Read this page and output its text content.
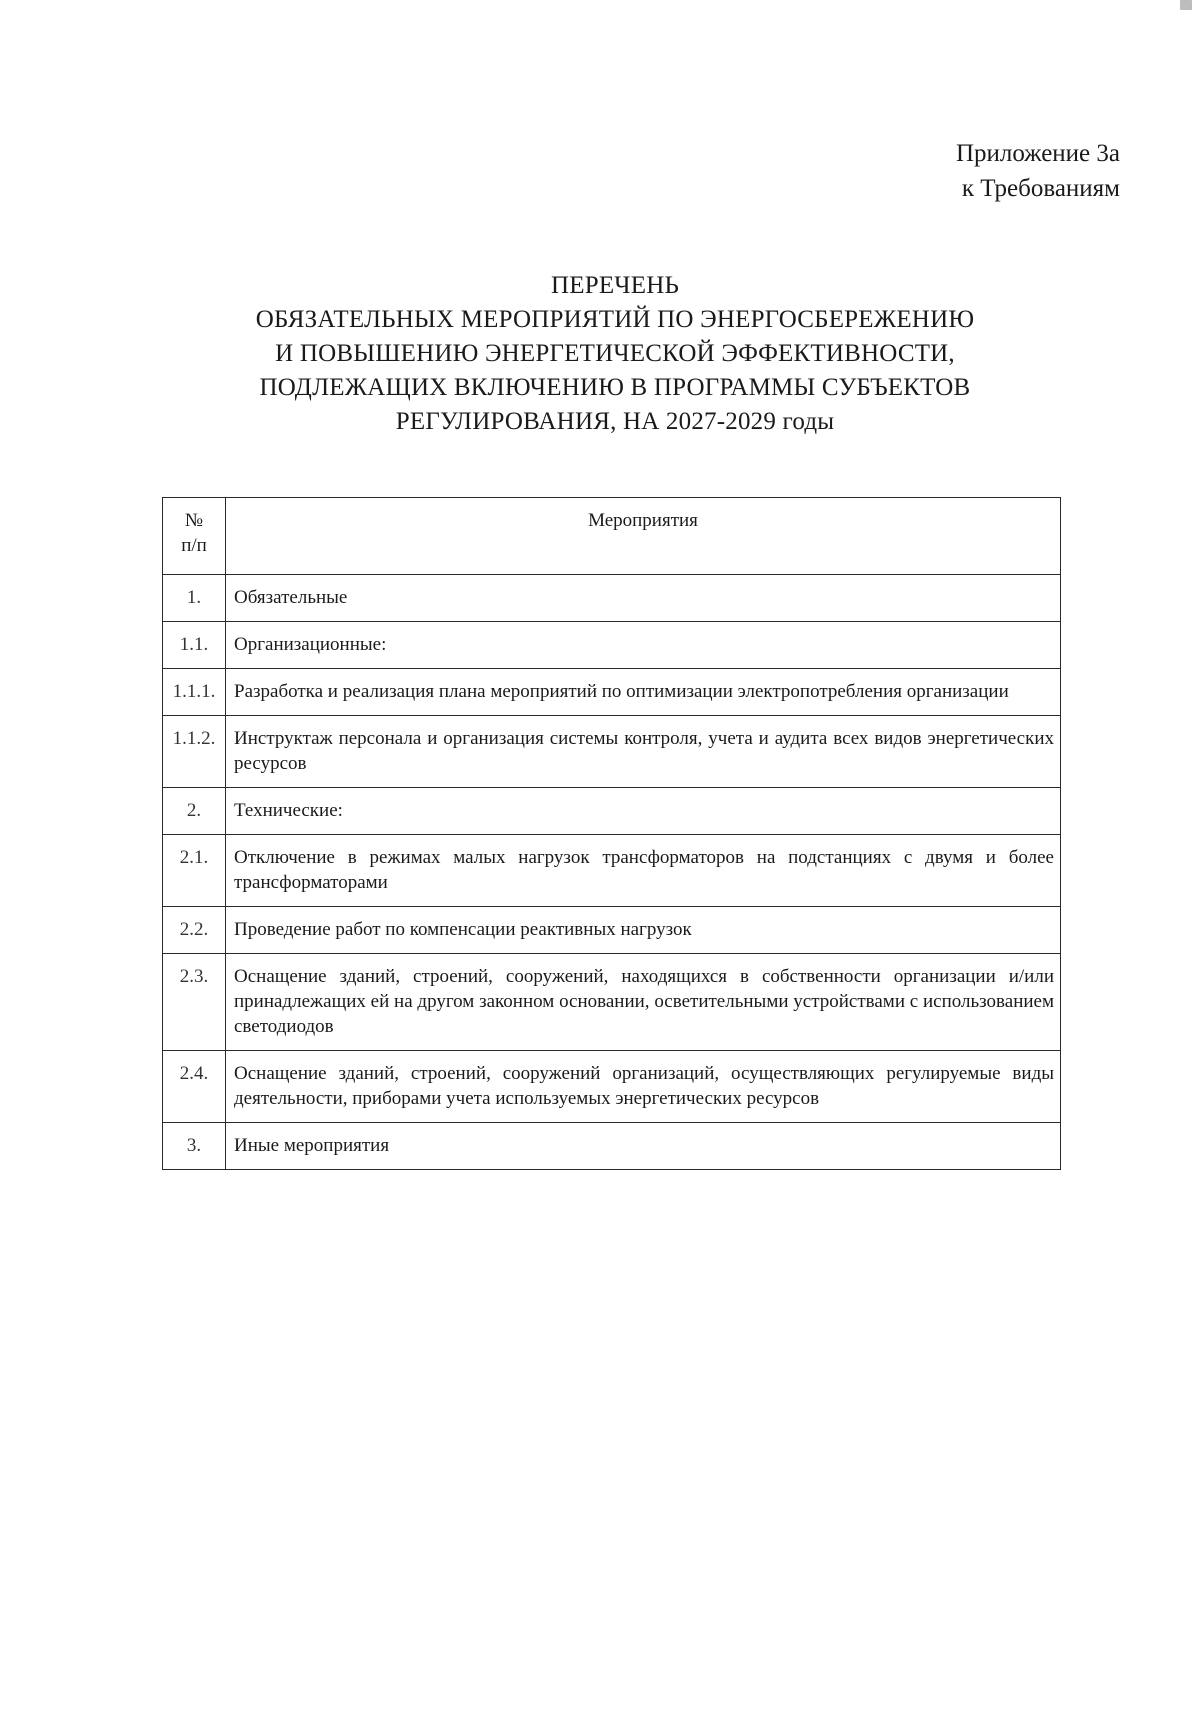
Приложение 3а
к Требованиям
ПЕРЕЧЕНЬ
ОБЯЗАТЕЛЬНЫХ МЕРОПРИЯТИЙ ПО ЭНЕРГОСБЕРЕЖЕНИЮ
И ПОВЫШЕНИЮ ЭНЕРГЕТИЧЕСКОЙ ЭФФЕКТИВНОСТИ,
ПОДЛЕЖАЩИХ ВКЛЮЧЕНИЮ В ПРОГРАММЫ СУБЪЕКТОВ
РЕГУЛИРОВАНИЯ, НА 2027-2029 годы
№
п/п	Мероприятия
1.	Обязательные
1.1.	Организационные:
1.1.1.	Разработка и реализация плана мероприятий по оптимизации электропотребления организации
1.1.2.	Инструктаж персонала и организация системы контроля, учета и аудита всех видов энергетических ресурсов
2.	Технические:
2.1.	Отключение в режимах малых нагрузок трансформаторов на подстанциях с двумя и более трансформаторами
2.2.	Проведение работ по компенсации реактивных нагрузок
2.3.	Оснащение зданий, строений, сооружений, находящихся в собственности организации и/или принадлежащих ей на другом законном основании, осветительными устройствами с использованием светодиодов
2.4.	Оснащение зданий, строений, сооружений организаций, осуществляющих регулируемые виды деятельности, приборами учета используемых энергетических ресурсов
3.	Иные мероприятия
